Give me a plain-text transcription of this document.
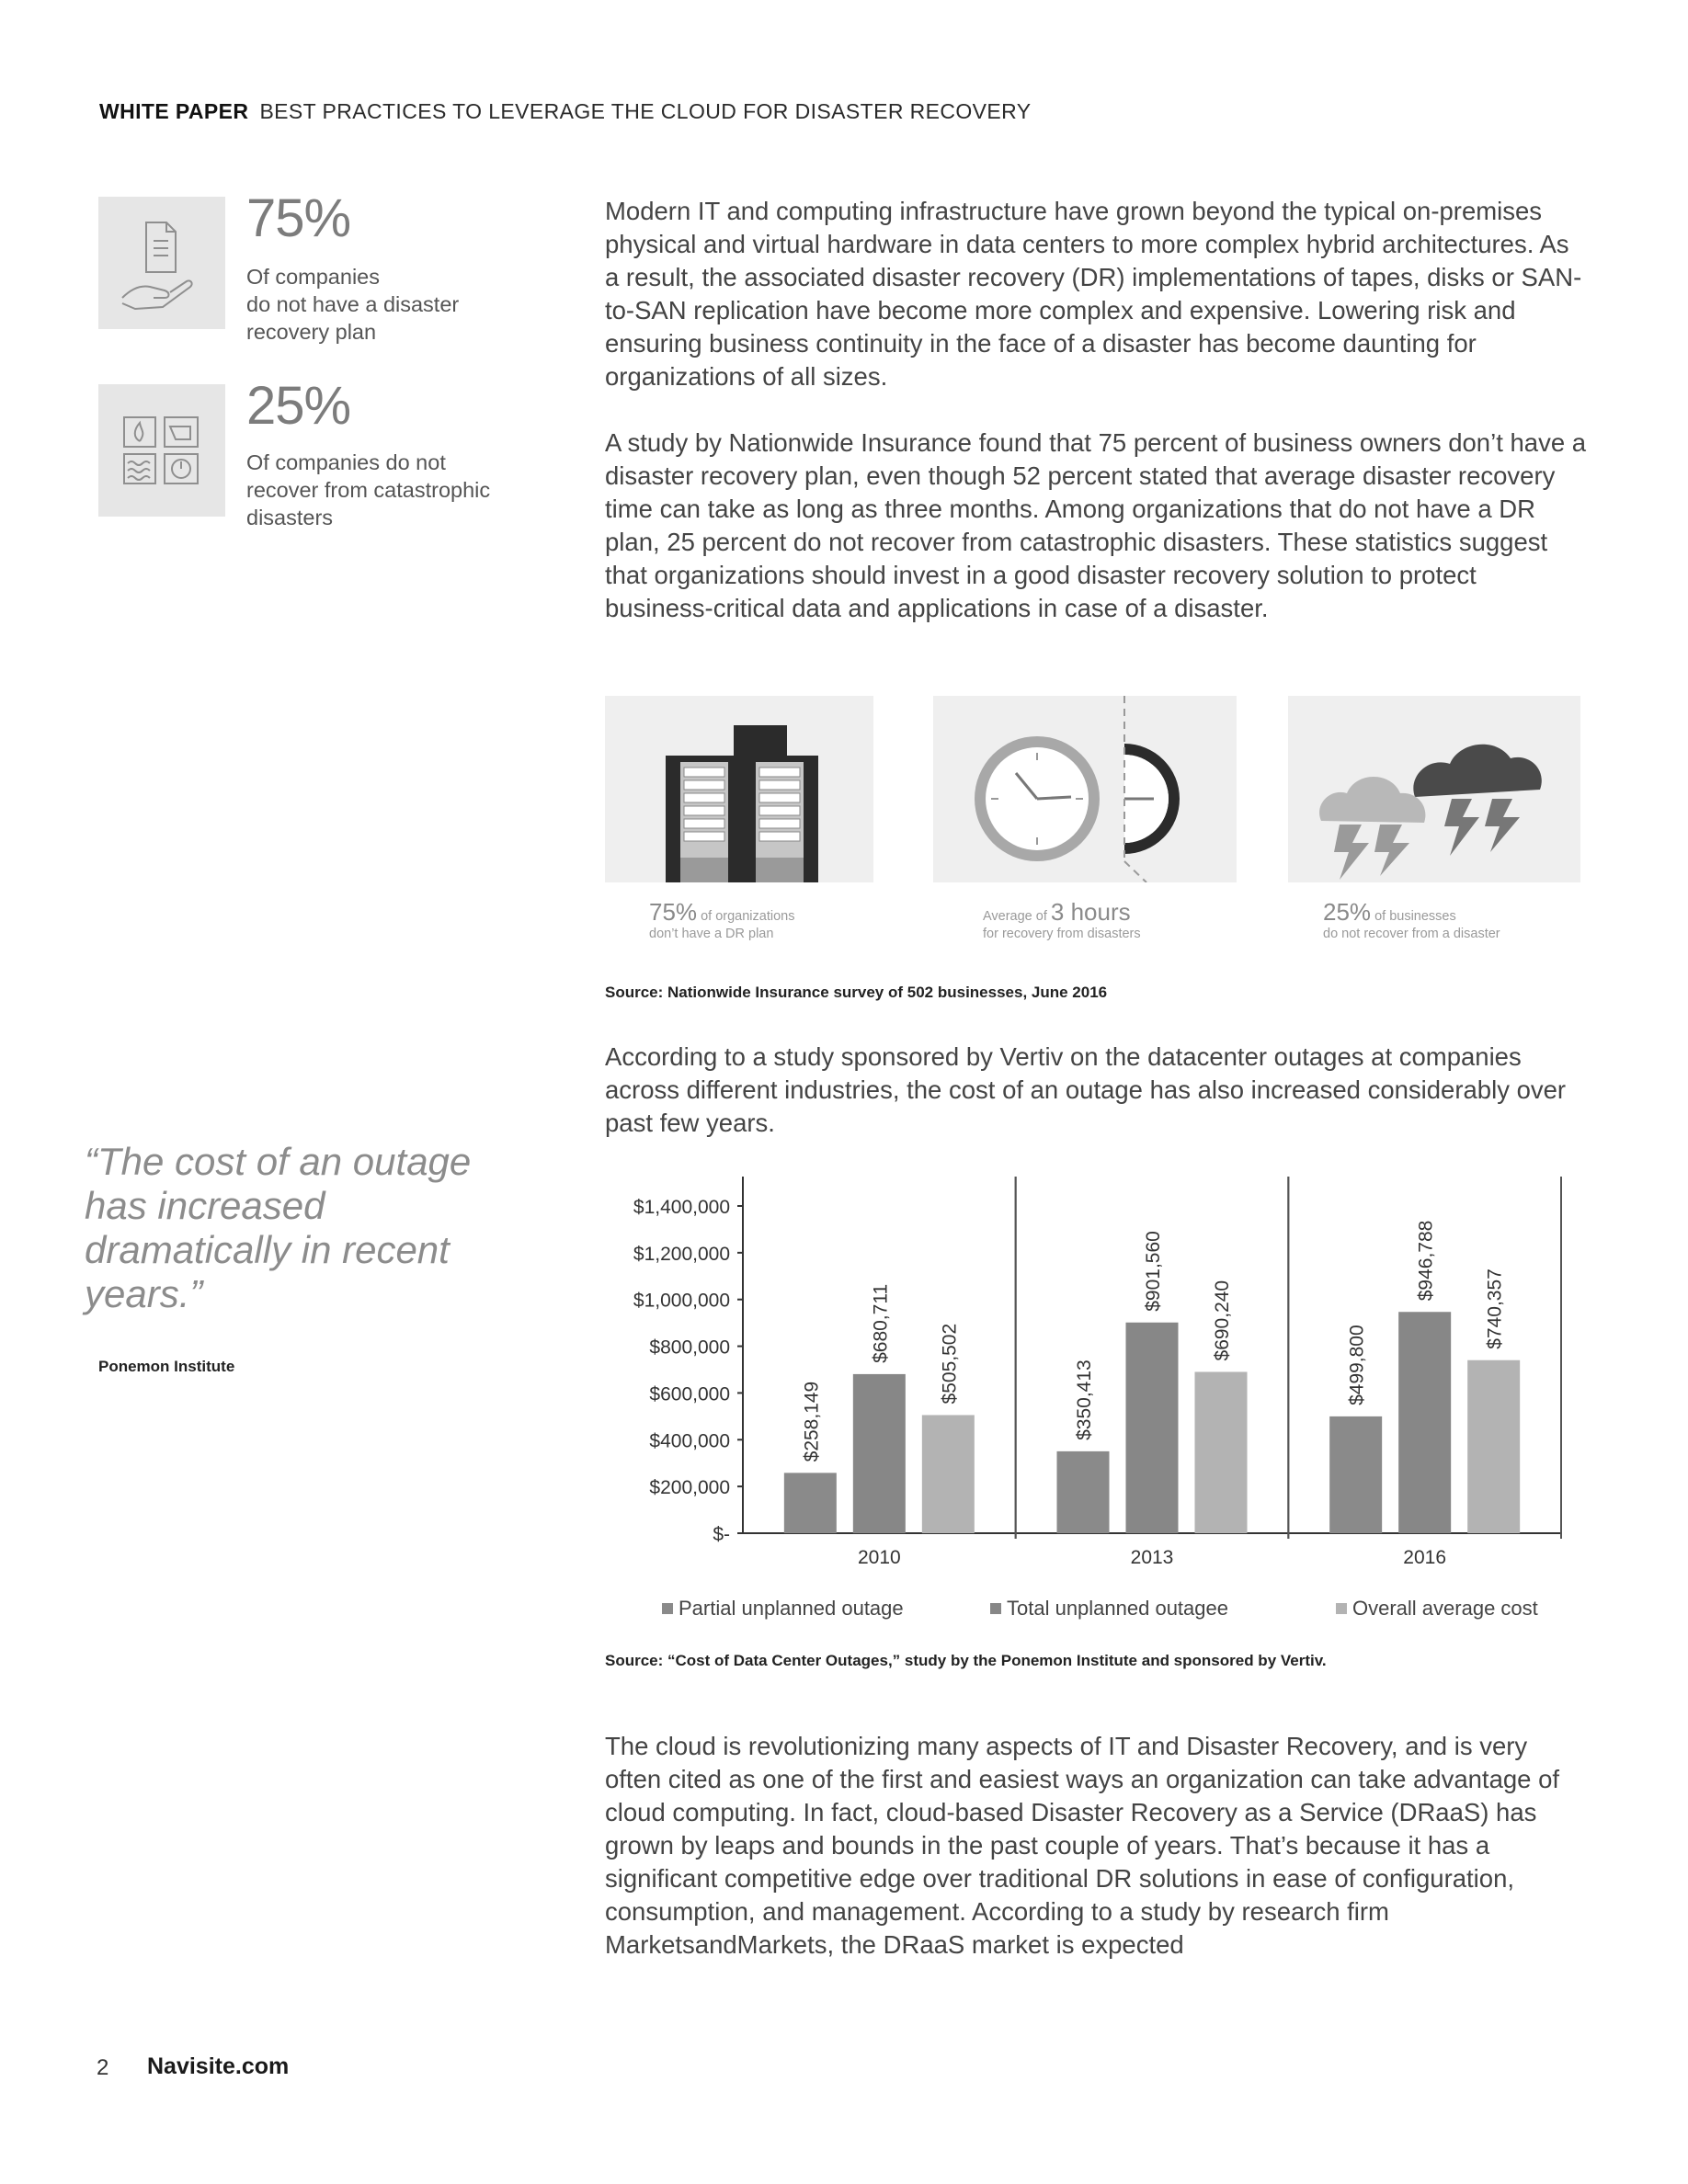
WHITE PAPER BEST PRACTICES TO LEVERAGE THE CLOUD FOR DISASTER RECOVERY
75%
Of companies
do not have a disaster
recovery plan
25%
Of companies do not
recover from catastrophic
disasters
Modern IT and computing infrastructure have grown beyond the typical on-premises physical and virtual hardware in data centers to more complex hybrid architectures. As a result, the associated disaster recovery (DR) implementations of tapes, disks or SAN-to-SAN replication have become more complex and expensive. Lowering risk and ensuring business continuity in the face of a disaster has become daunting for organizations of all sizes.
A study by Nationwide Insurance found that 75 percent of business owners don’t have a disaster recovery plan, even though 52 percent stated that average disaster recovery time can take as long as three months. Among organizations that do not have a DR plan, 25 percent do not recover from catastrophic disasters. These statistics suggest that organizations should invest in a good disaster recovery solution to protect business-critical data and applications in case of a disaster.
75% of organizations
don’t have a DR plan
Average of 3 hours
for recovery from disasters
25% of businesses
do not recover from a disaster
Source: Nationwide Insurance survey of 502 businesses, June 2016
According to a study sponsored by Vertiv on the datacenter outages at companies across different industries, the cost of an outage has also increased considerably over past few years.
“The cost of an outage has increased dramatically in recent years.”
Ponemon Institute
$-
$200,000
$400,000
$600,000
$800,000
$1,000,000
$1,200,000
$1,400,000
$258,149
$680,711 $505,502
2010
$350,413
$901,560
$690,240
2013
$499,800
$946,788
$740,357
2016
Partial unplanned outage	Total unplanned outagee	Overall average cost
Source: “Cost of Data Center Outages,” study by the Ponemon Institute and sponsored by Vertiv.
The cloud is revolutionizing many aspects of IT and Disaster Recovery, and is very often cited as one of the first and easiest ways an organization can take advantage of cloud computing. In fact, cloud-based Disaster Recovery as a Service (DRaaS) has grown by leaps and bounds in the past couple of years. That’s because it has a significant competitive edge over traditional DR solutions in ease of configuration, consumption, and management. According to a study by research firm MarketsandMarkets, the DRaaS market is expected
2 Navisite.com
